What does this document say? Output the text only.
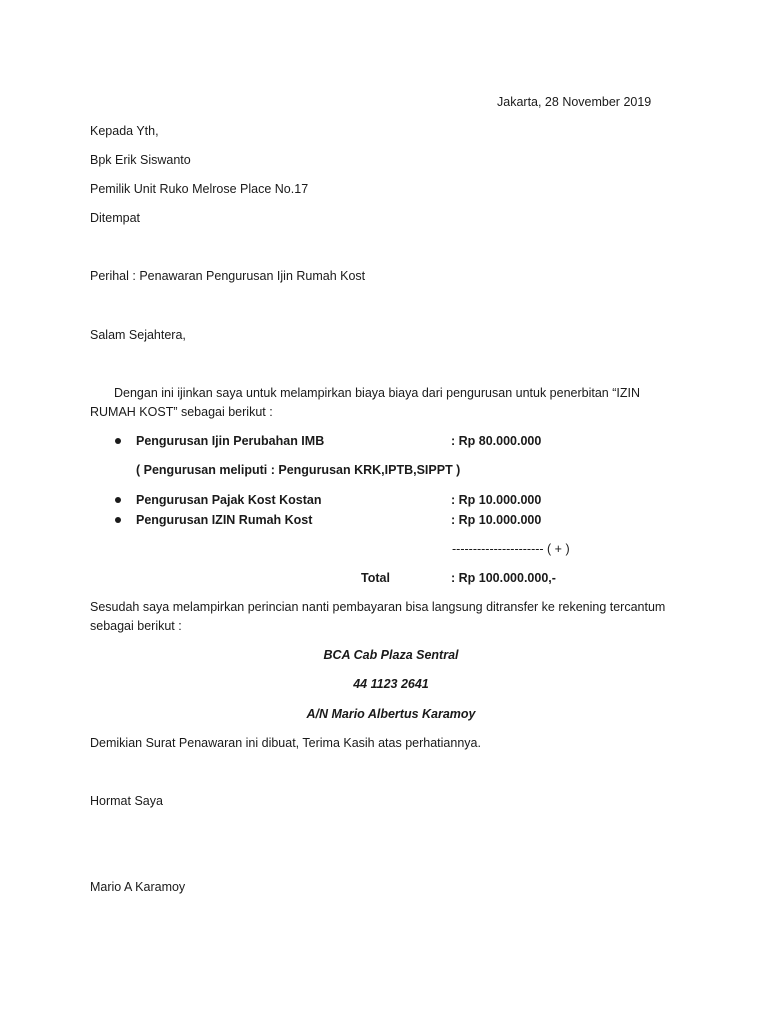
Jakarta, 28 November 2019
Kepada Yth,
Bpk Erik Siswanto
Pemilik Unit Ruko Melrose Place No.17
Ditempat
Perihal : Penawaran Pengurusan Ijin Rumah Kost
Salam Sejahtera,
Dengan ini ijinkan saya untuk melampirkan biaya biaya dari pengurusan untuk penerbitan “IZIN
RUMAH KOST” sebagai berikut :
Pengurusan Ijin Perubahan IMB	: Rp 80.000.000
( Pengurusan meliputi : Pengurusan KRK,IPTB,SIPPT )
Pengurusan Pajak Kost Kostan	: Rp 10.000.000
Pengurusan IZIN Rumah Kost	: Rp 10.000.000
---------------------- ( + )
Total	: Rp 100.000.000,-
Sesudah saya melampirkan perincian nanti pembayaran bisa langsung ditransfer ke rekening tercantum
sebagai berikut :
BCA Cab Plaza Sentral
44 1123 2641
A/N Mario Albertus Karamoy
Demikian Surat Penawaran ini dibuat, Terima Kasih atas perhatiannya.
Hormat Saya
Mario A Karamoy
